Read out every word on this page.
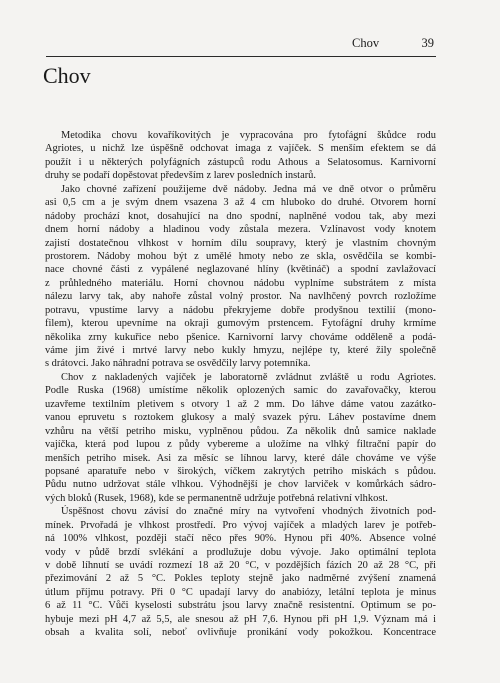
Chov	39
Chov
Metodika chovu kovaříkovitých je vypracována pro fytofágní škůdce rodu
Agriotes, u nichž lze úspěšně odchovat imaga z vajíček. S menším efektem se dá
použít i u některých polyfágních zástupců rodu Athous a Selatosomus. Karnivorní
druhy se podaří dopěstovat především z larev posledních instarů.
Jako chovné zařízení použijeme dvě nádoby. Jedna má ve dně otvor o průměru
asi 0,5 cm a je svým dnem vsazena 3 až 4 cm hluboko do druhé. Otvorem horní
nádoby prochází knot, dosahující na dno spodní, naplněné vodou tak, aby mezi
dnem horní nádoby a hladinou vody zůstala mezera. Vzlínavost vody knotem
zajistí dostatečnou vlhkost v horním dílu soupravy, který je vlastním chovným
prostorem. Nádoby mohou být z umělé hmoty nebo ze skla, osvědčila se kombi-
nace chovné části z vypálené neglazované hlíny (květináč) a spodní zavlažovací
z průhledného materiálu. Horní chovnou nádobu vyplníme substrátem z místa
nálezu larvy tak, aby nahoře zůstal volný prostor. Na navlhčený povrch rozložíme
potravu, vpustíme larvy a nádobu překryjeme dobře prodyšnou textilií (mono-
filem), kterou upevníme na okraji gumovým prstencem. Fytofágní druhy krmíme
několika zrny kukuřice nebo pšenice. Karnivorní larvy chováme odděleně a podá-
váme jim živé i mrtvé larvy nebo kukly hmyzu, nejlépe ty, které žily společně
s drátovci. Jako náhradní potrava se osvědčily larvy potemníka.
Chov z nakladených vajíček je laboratorně zvládnut zvláště u rodu Agriotes.
Podle Ruska (1968) umístíme několik oplozených samic do zavařovačky, kterou
uzavřeme textilním pletivem s otvory 1 až 2 mm. Do láhve dáme vatou zazátko-
vanou epruvetu s roztokem glukosy a malý svazek pýru. Láhev postavíme dnem
vzhůru na větší petriho misku, vyplněnou půdou. Za několik dnů samice naklade
vajíčka, která pod lupou z půdy vybereme a uložíme na vlhký filtrační papír do
menších petriho misek. Asi za měsíc se líhnou larvy, které dále chováme ve výše
popsané aparatuře nebo v širokých, víčkem zakrytých petriho miskách s půdou.
Půdu nutno udržovat stále vlhkou. Výhodnější je chov larviček v komůrkách sádro-
vých bloků (Rusek, 1968), kde se permanentně udržuje potřebná relativní vlhkost.
Úspěšnost chovu závisí do značné míry na vytvoření vhodných životních pod-
mínek. Prvořadá je vlhkost prostředí. Pro vývoj vajíček a mladých larev je potřeb-
ná 100% vlhkost, později stačí něco přes 90%. Hynou při 40%. Absence volné
vody v půdě brzdí svlékání a prodlužuje dobu vývoje. Jako optimální teplota
v době líhnutí se uvádí rozmezí 18 až 20 °C, v pozdějších fázích 20 až 28 °C, při
přezimování 2 až 5 °C. Pokles teploty stejně jako nadměrné zvýšení znamená
útlum příjmu potravy. Při 0 °C upadají larvy do anabiózy, letální teplota je minus
6 až 11 °C. Vůči kyselosti substrátu jsou larvy značně resistentní. Optimum se po-
hybuje mezi pH 4,7 až 5,5, ale snesou až pH 7,6. Hynou při pH 1,9. Význam má i
obsah a kvalita solí, neboť ovlivňuje pronikání vody pokožkou. Koncentrace
